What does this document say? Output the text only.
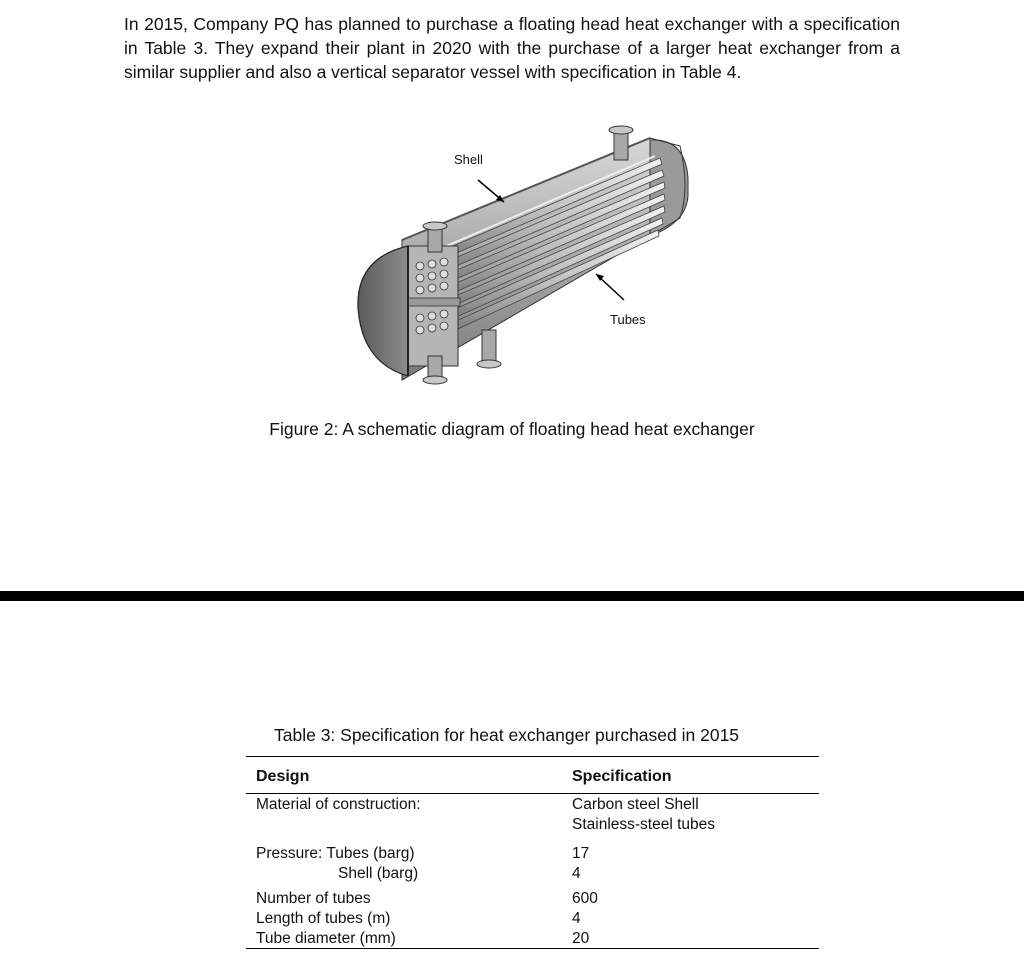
In 2015, Company PQ has planned to purchase a floating head heat exchanger with a specification in Table 3. They expand their plant in 2020 with the purchase of a larger heat exchanger from a similar supplier and also a vertical separator vessel with specification in Table 4.

Shell
Tubes
Figure 2: A schematic diagram of floating head heat exchanger
Table 3: Specification for heat exchanger purchased in 2015
Design	Specification
Material of construction:	Carbon steel Shell
Stainless-steel tubes
Pressure: Tubes (barg)	17
Shell (barg)	4
Number of tubes	600
Length of tubes (m)	4
Tube diameter (mm)	20
